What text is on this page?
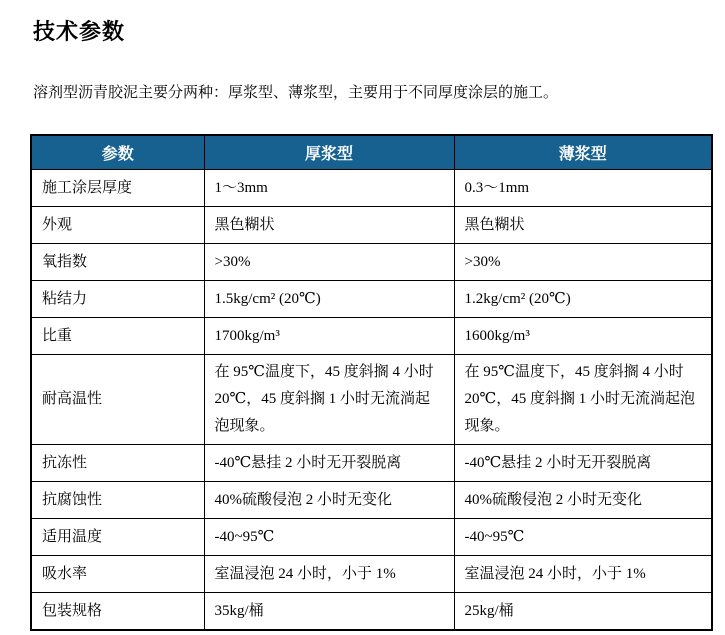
技术参数

溶剂型沥青胶泥主要分两种：厚浆型、薄浆型，主要用于不同厚度涂层的施工。

参数	厚浆型	薄浆型
施工涂层厚度	1～3mm	0.3～1mm
外观	黑色糊状	黑色糊状
氧指数	>30%	>30%
粘结力	1.5kg/cm² (20℃)	1.2kg/cm² (20℃)
比重	1700kg/m³	1600kg/m³
耐高温性	在 95℃温度下，45 度斜搁 4 小时 20℃，45 度斜搁 1 小时无流淌起泡现象。	在 95℃温度下，45 度斜搁 4 小时 20℃，45 度斜搁 1 小时无流淌起泡现象。
抗冻性	-40℃悬挂 2 小时无开裂脱离	-40℃悬挂 2 小时无开裂脱离
抗腐蚀性	40%硫酸侵泡 2 小时无变化	40%硫酸侵泡 2 小时无变化
适用温度	-40~95℃	-40~95℃
吸水率	室温浸泡 24 小时，小于 1%	室温浸泡 24 小时，小于 1%
包装规格	35kg/桶	25kg/桶
